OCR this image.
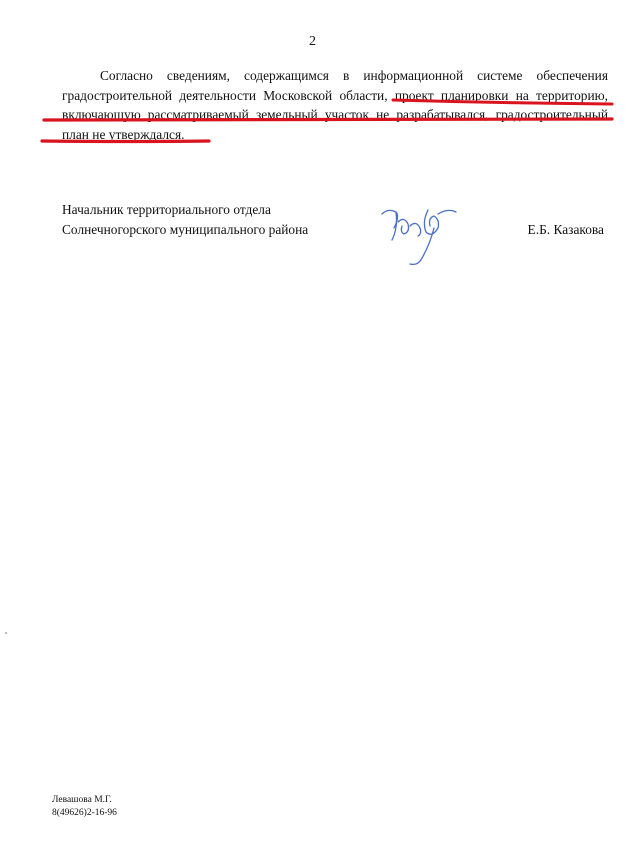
2
Согласно сведениям, содержащимся в информационной системе обеспечения
градостроительной деятельности Московской области, проект планировки на территорию,
включающую рассматриваемый земельный участок не разрабатывался, градостроительный
план не утверждался.
Начальник территориального отдела
Солнечногорского муниципального района	Е.Б. Казакова
Левашова М.Г.
8(49626)2-16-96
